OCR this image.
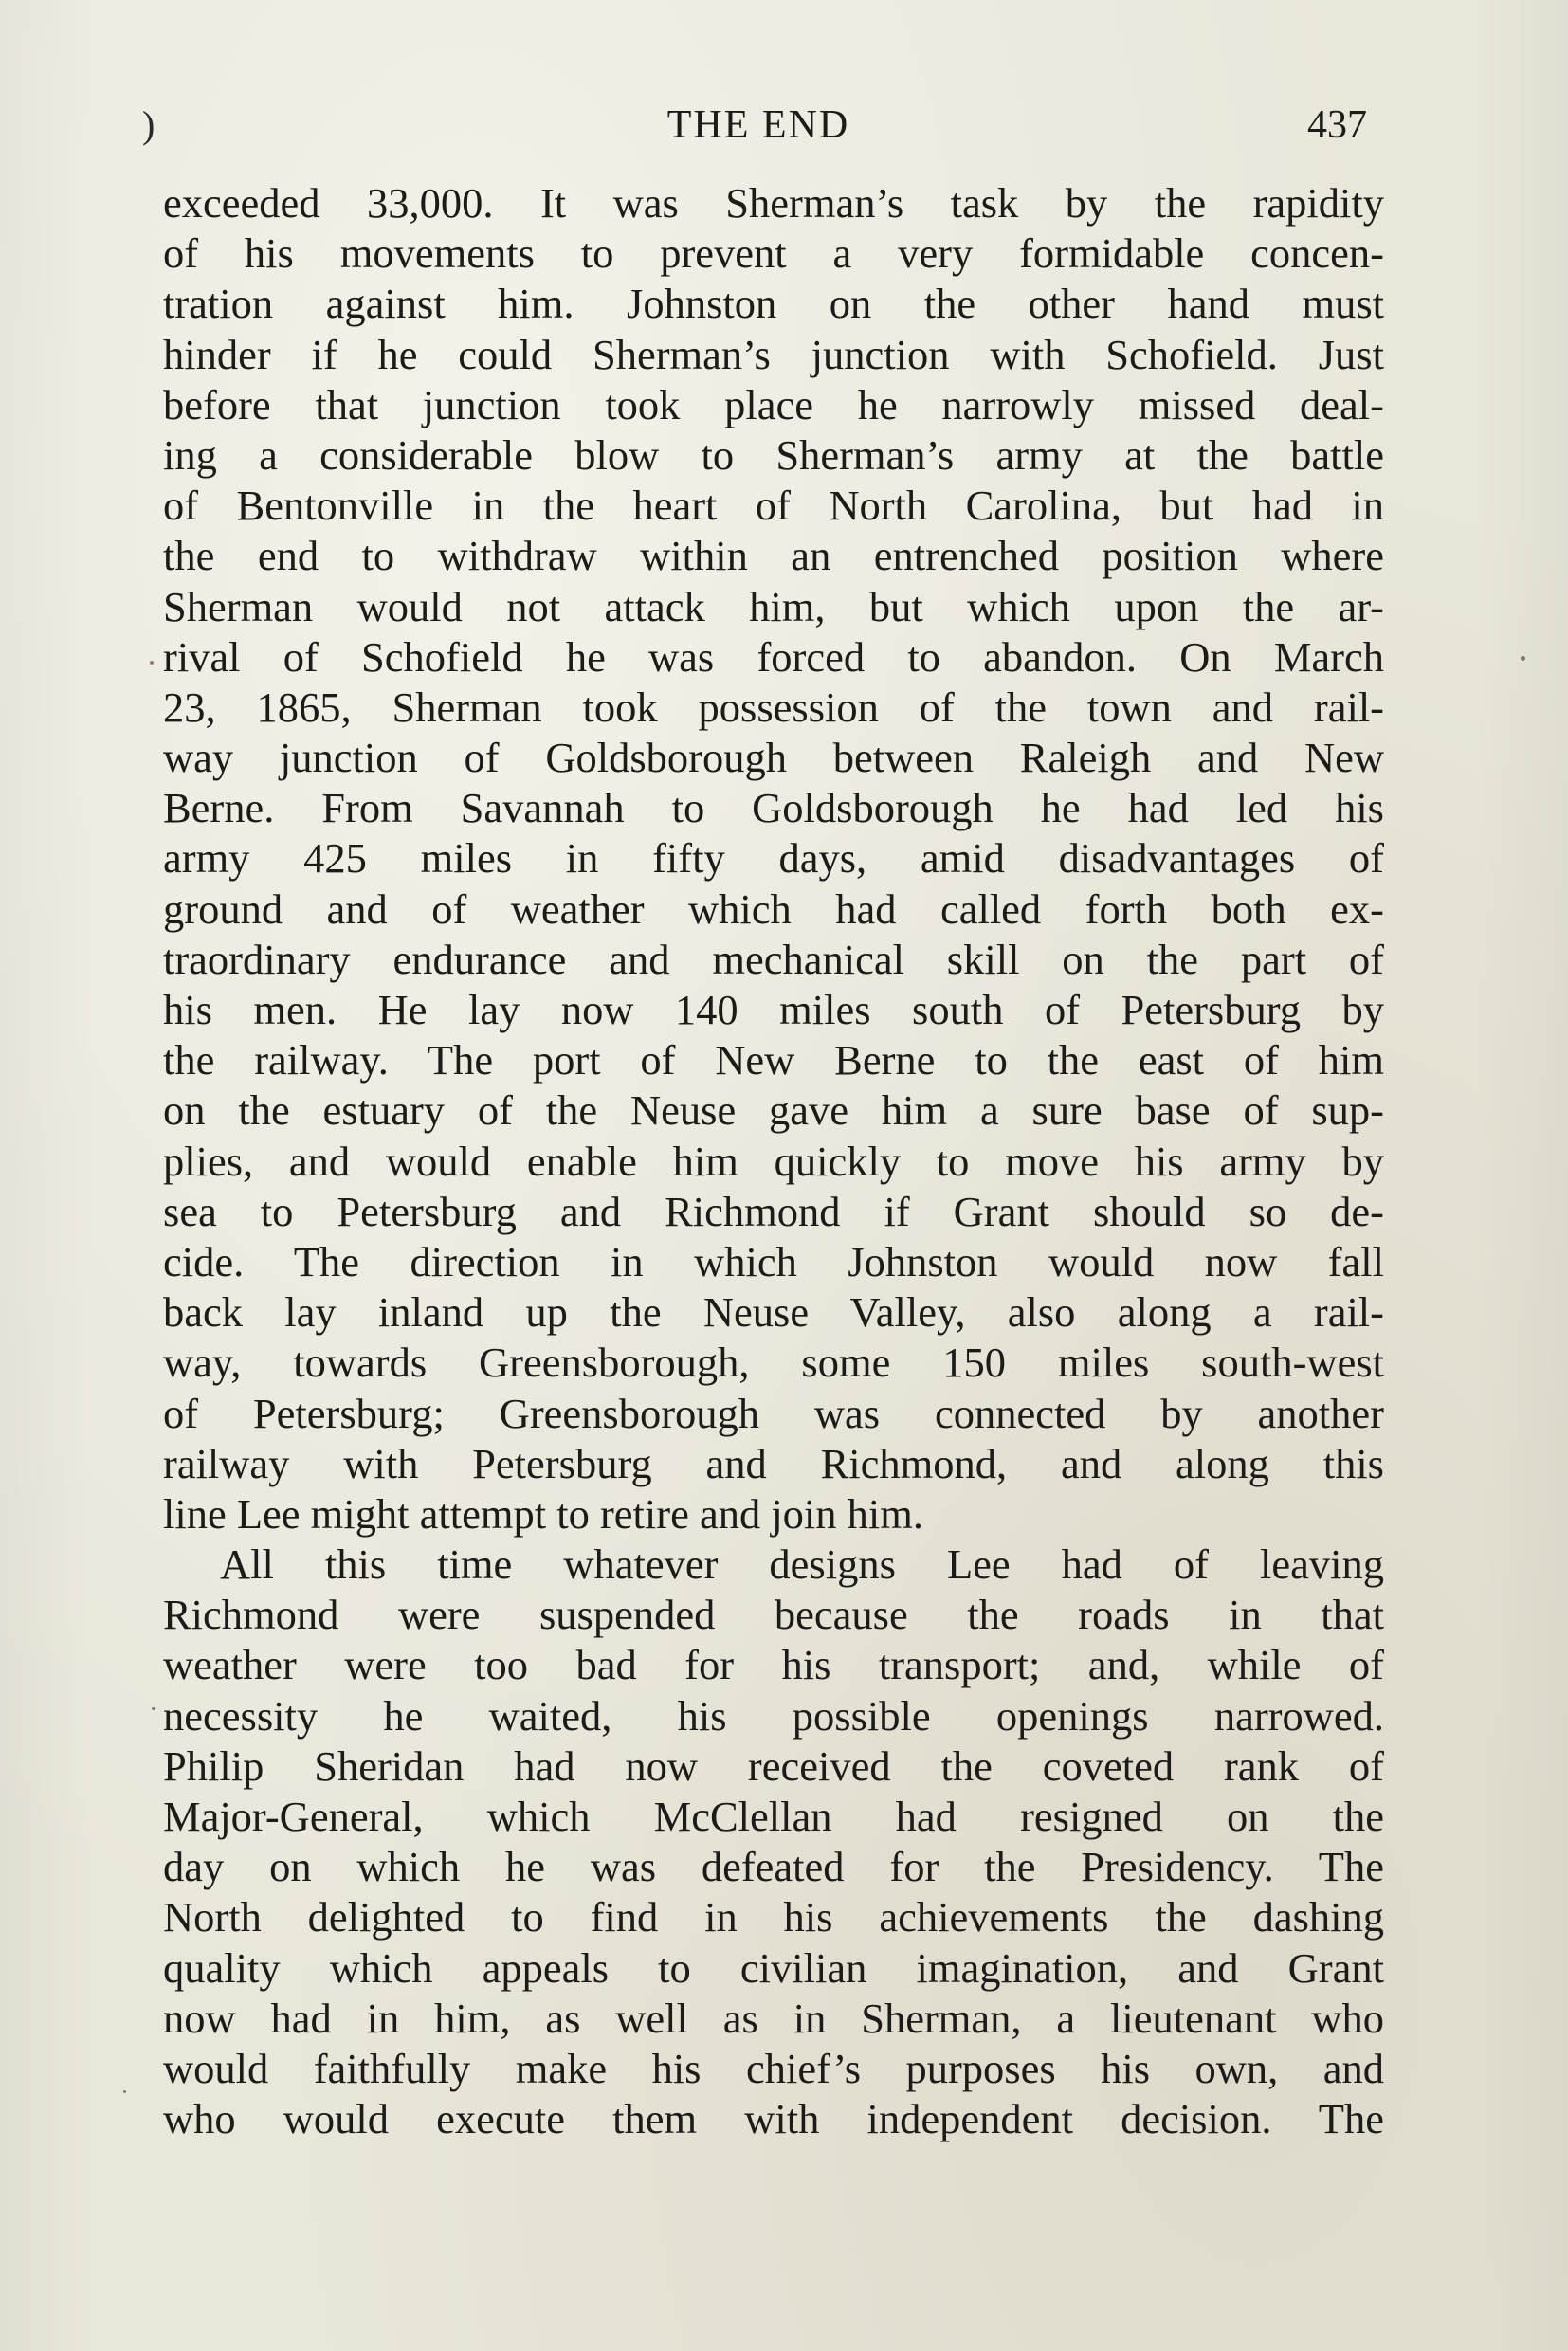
)	THE END	437
exceeded 33,000. It was Sherman’s task by the rapidity
of his movements to prevent a very formidable concen-
tration against him. Johnston on the other hand must
hinder if he could Sherman’s junction with Schofield. Just
before that junction took place he narrowly missed deal-
ing a considerable blow to Sherman’s army at the battle
of Bentonville in the heart of North Carolina, but had in
the end to withdraw within an entrenched position where
Sherman would not attack him, but which upon the ar-
rival of Schofield he was forced to abandon. On March
23, 1865, Sherman took possession of the town and rail-
way junction of Goldsborough between Raleigh and New
Berne. From Savannah to Goldsborough he had led his
army 425 miles in fifty days, amid disadvantages of
ground and of weather which had called forth both ex-
traordinary endurance and mechanical skill on the part of
his men. He lay now 140 miles south of Petersburg by
the railway. The port of New Berne to the east of him
on the estuary of the Neuse gave him a sure base of sup-
plies, and would enable him quickly to move his army by
sea to Petersburg and Richmond if Grant should so de-
cide. The direction in which Johnston would now fall
back lay inland up the Neuse Valley, also along a rail-
way, towards Greensborough, some 150 miles south-west
of Petersburg; Greensborough was connected by another
railway with Petersburg and Richmond, and along this
line Lee might attempt to retire and join him.
All this time whatever designs Lee had of leaving
Richmond were suspended because the roads in that
weather were too bad for his transport; and, while of
necessity he waited, his possible openings narrowed.
Philip Sheridan had now received the coveted rank of
Major-General, which McClellan had resigned on the
day on which he was defeated for the Presidency. The
North delighted to find in his achievements the dashing
quality which appeals to civilian imagination, and Grant
now had in him, as well as in Sherman, a lieutenant who
would faithfully make his chief’s purposes his own, and
who would execute them with independent decision. The
